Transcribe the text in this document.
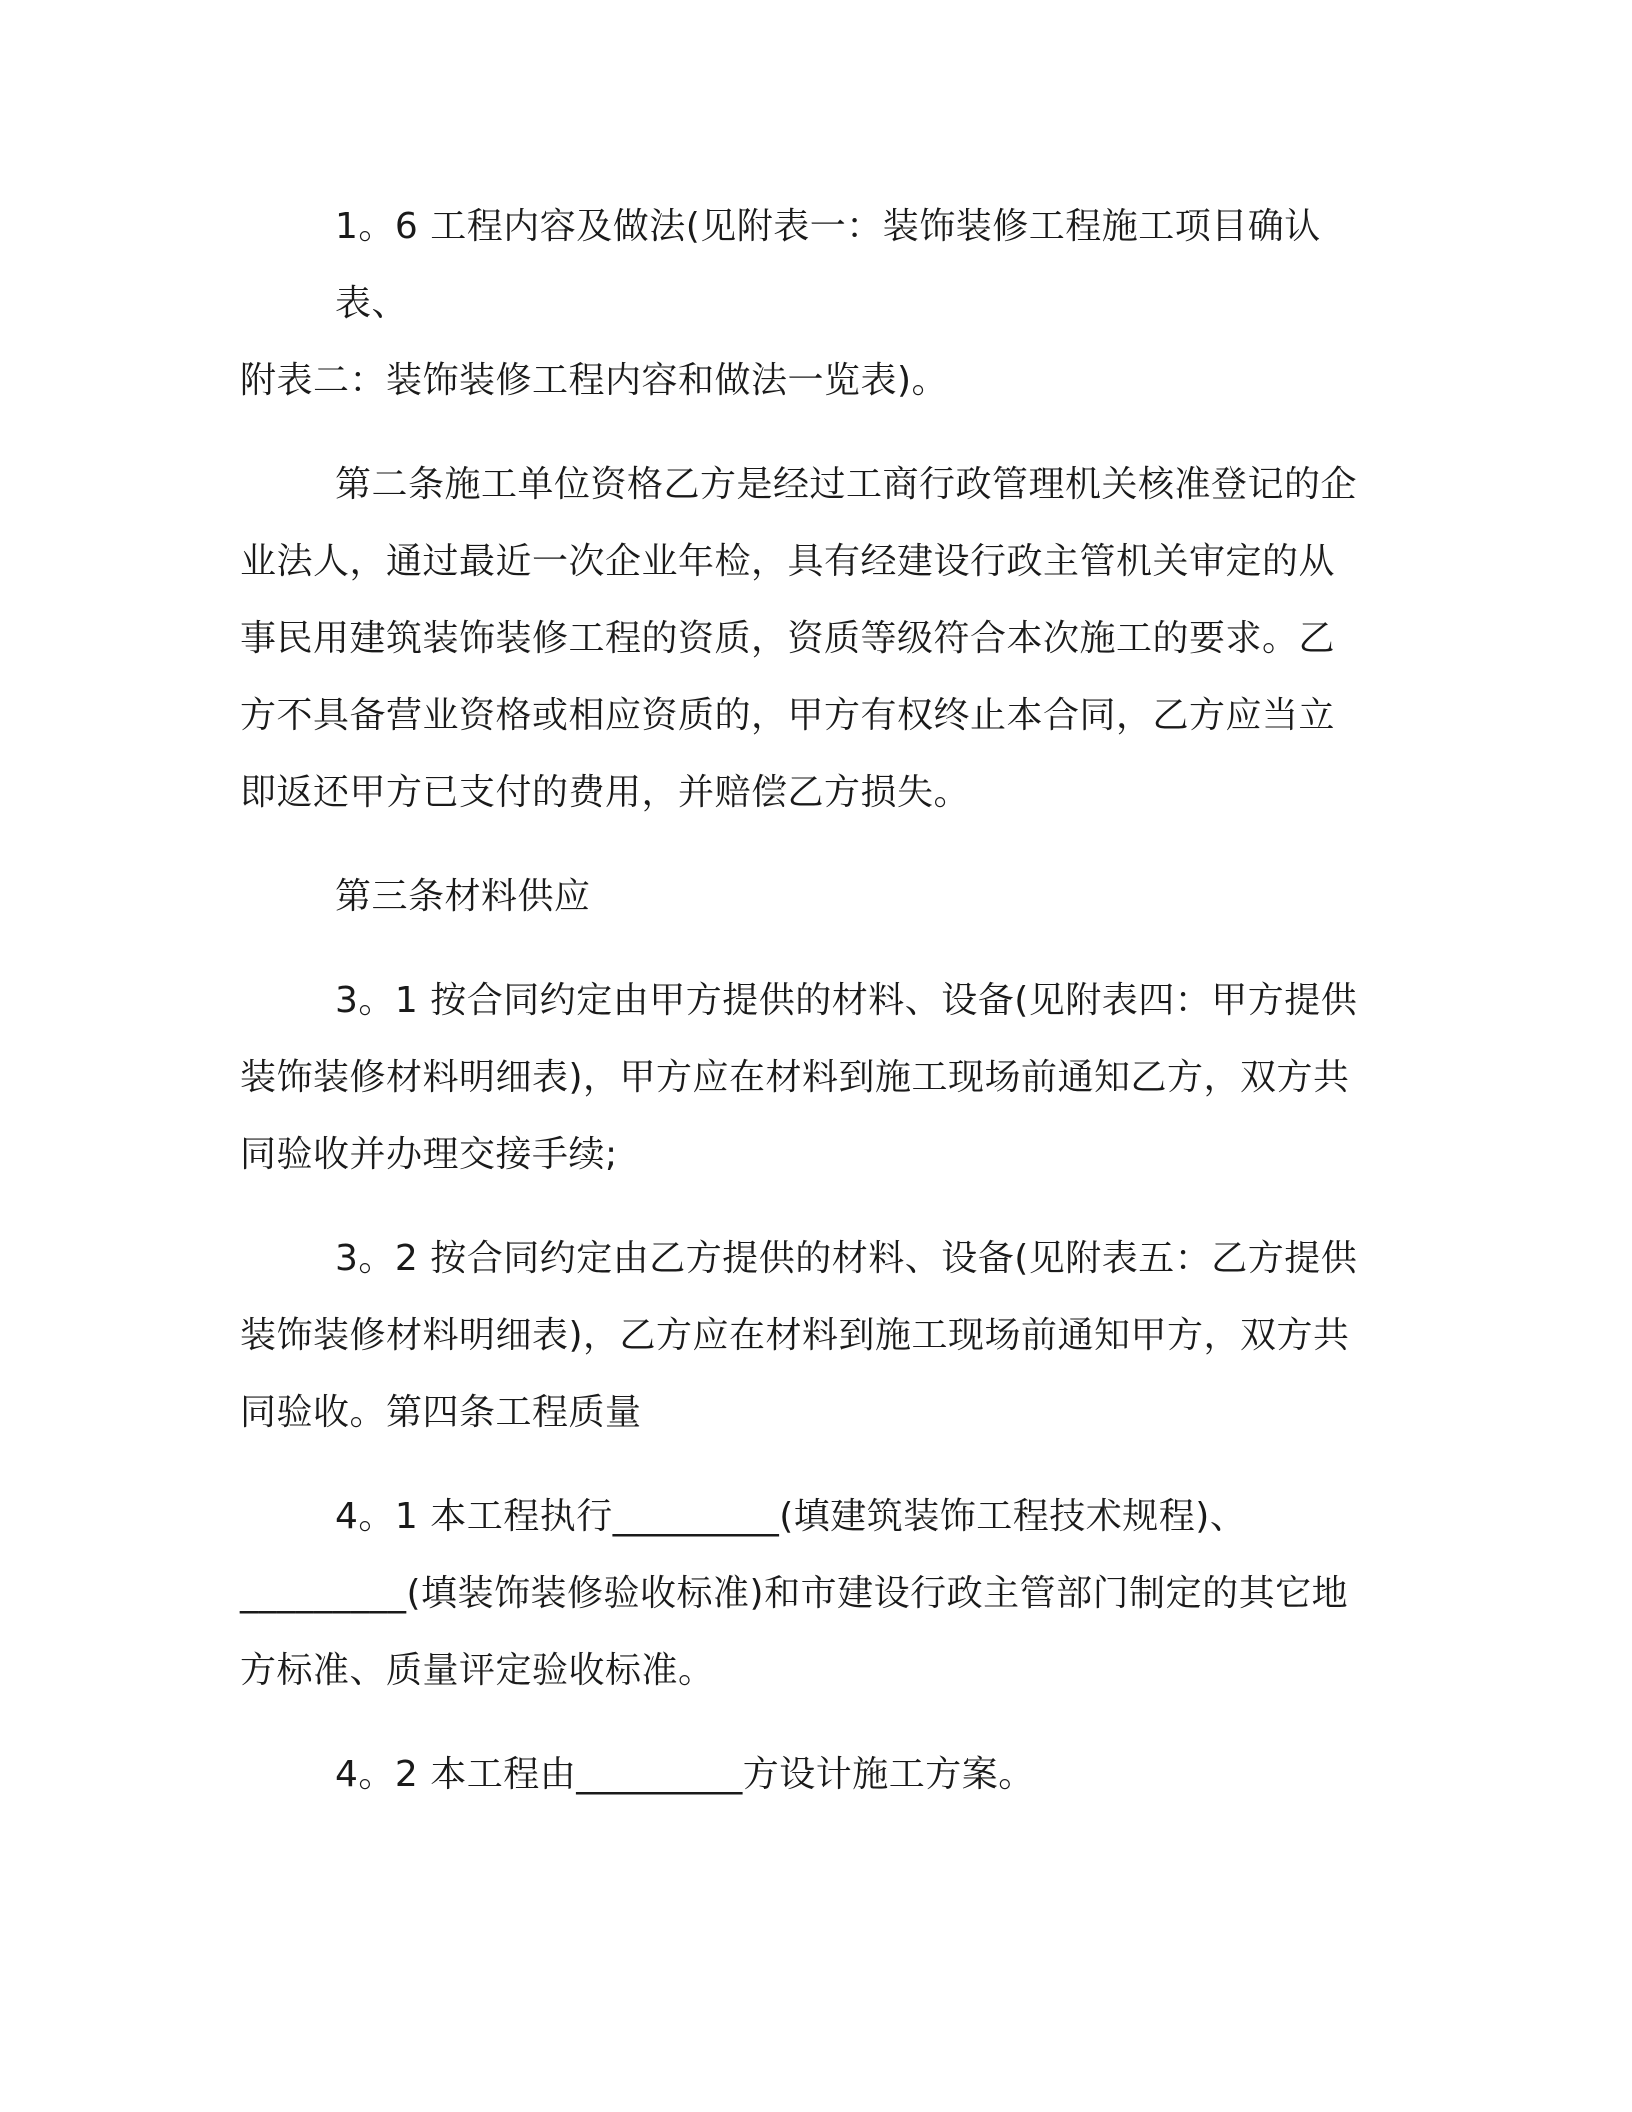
1。6 工程内容及做法(见附表一：装饰装修工程施工项目确认表、
附表二：装饰装修工程内容和做法一览表)。

第二条施工单位资格乙方是经过工商行政管理机关核准登记的企
业法人，通过最近一次企业年检，具有经建设行政主管机关审定的从
事民用建筑装饰装修工程的资质，资质等级符合本次施工的要求。乙
方不具备营业资格或相应资质的，甲方有权终止本合同，乙方应当立
即返还甲方已支付的费用，并赔偿乙方损失。

第三条材料供应

3。1 按合同约定由甲方提供的材料、设备(见附表四：甲方提供
装饰装修材料明细表)，甲方应在材料到施工现场前通知乙方，双方共
同验收并办理交接手续;

3。2 按合同约定由乙方提供的材料、设备(见附表五：乙方提供
装饰装修材料明细表)，乙方应在材料到施工现场前通知甲方，双方共
同验收。第四条工程质量

4。1 本工程执行_________(填建筑装饰工程技术规程)、
_________(填装饰装修验收标准)和市建设行政主管部门制定的其它地
方标准、质量评定验收标准。

4。2 本工程由_________方设计施工方案。
